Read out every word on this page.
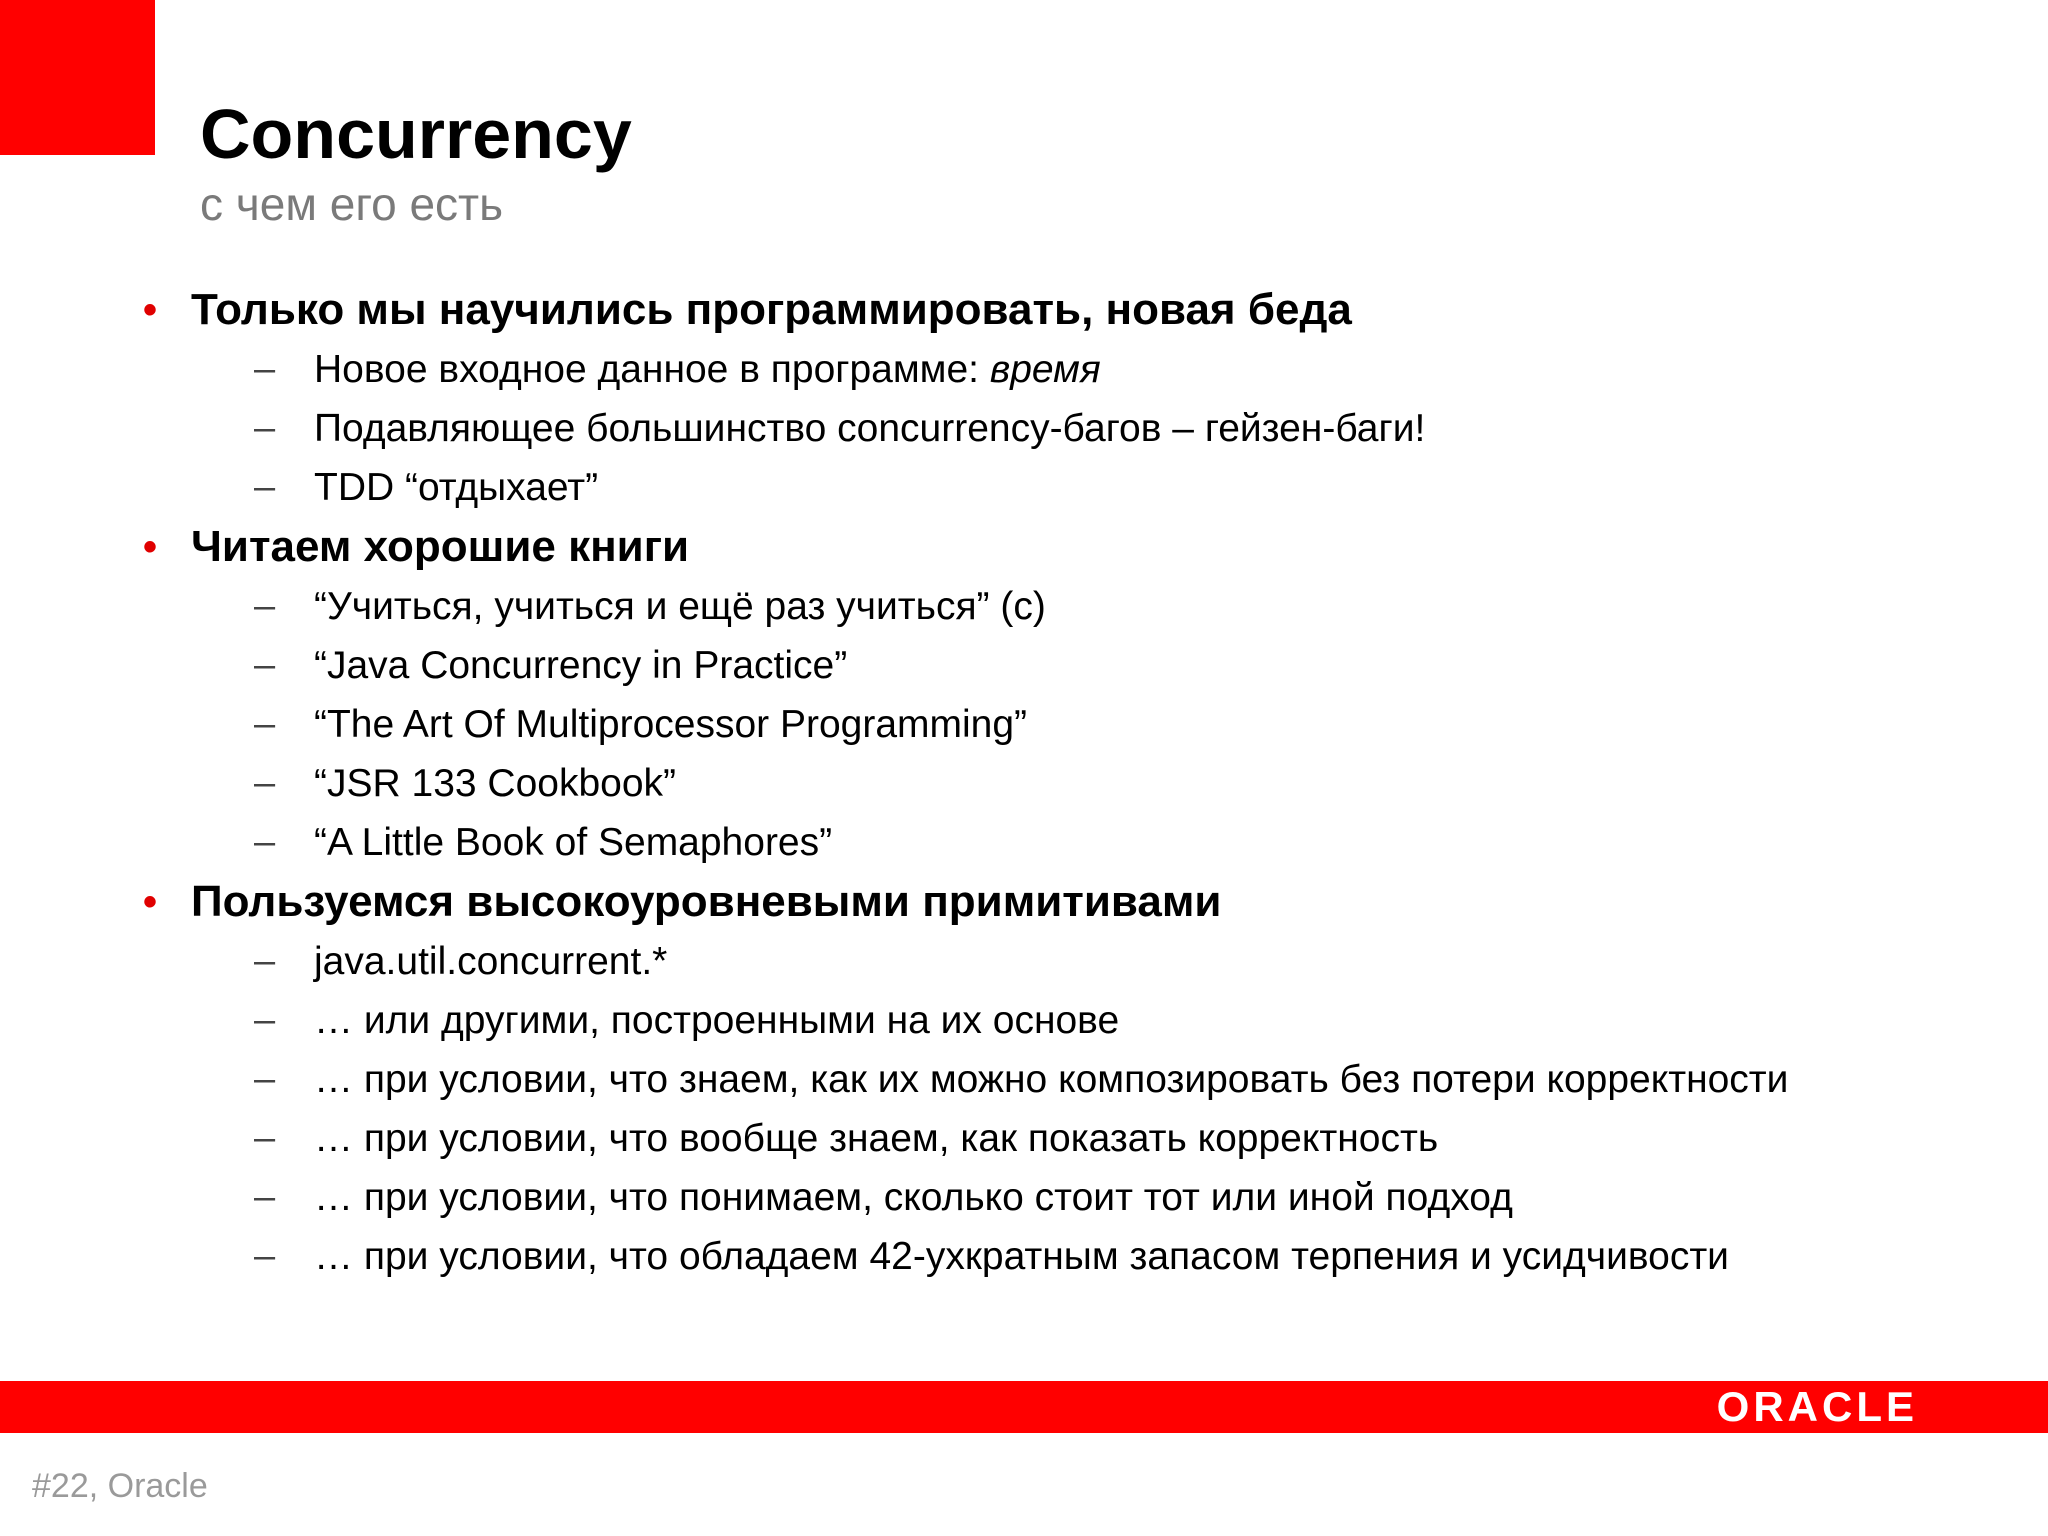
Concurrency
с чем его есть
• Только мы научились программировать, новая беда
– Новое входное данное в программе: время
– Подавляющее большинство concurrency-багов – гейзен-баги!
– TDD “отдыхает”
• Читаем хорошие книги
– “Учиться, учиться и ещё раз учиться” (c)
– “Java Concurrency in Practice”
– “The Art Of Multiprocessor Programming”
– “JSR 133 Cookbook”
– “A Little Book of Semaphores”
• Пользуемся высокоуровневыми примитивами
– java.util.concurrent.*
– … или другими, построенными на их основе
– … при условии, что знаем, как их можно композировать без потери корректности
– … при условии, что вообще знаем, как показать корректность
– … при условии, что понимаем, сколько стоит тот или иной подход
– … при условии, что обладаем 42-ухкратным запасом терпения и усидчивости
ORACLE
#22, Oracle
